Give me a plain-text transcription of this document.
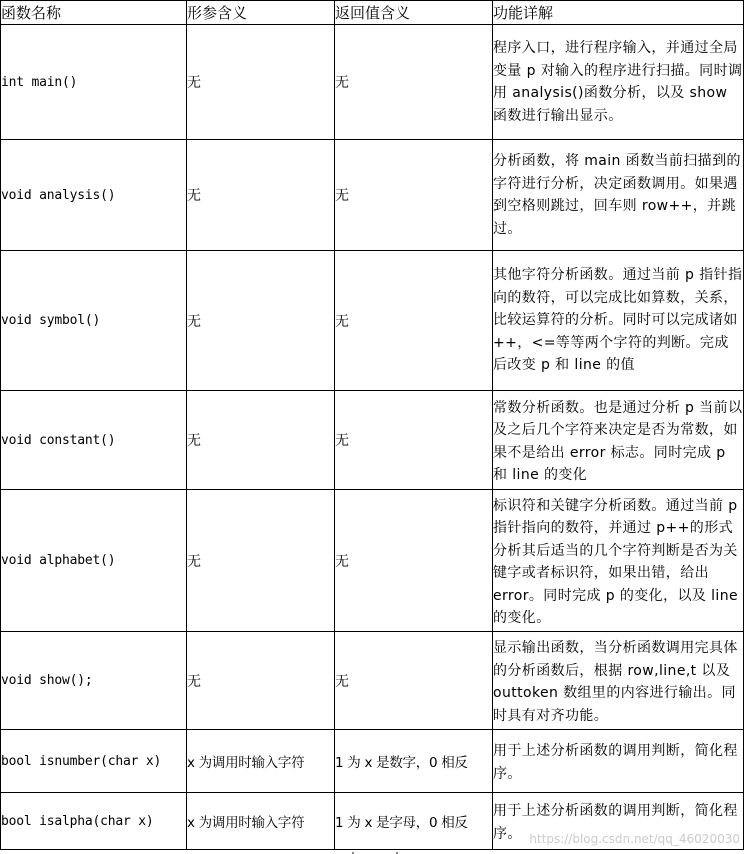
函数名称	形参含义	返回值含义	功能详解
int main()	无	无	程序入口，进行程序输入，并通过全局变量 p 对输入的程序进行扫描。同时调用 analysis()函数分析，以及 show 函数进行输出显示。
void analysis()	无	无	分析函数，将 main 函数当前扫描到的字符进行分析，决定函数调用。如果遇到空格则跳过，回车则 row++，并跳过。
void symbol()	无	无	其他字符分析函数。通过当前 p 指针指向的数符，可以完成比如算数，关系，比较运算符的分析。同时可以完成诸如++，<=等等两个字符的判断。完成后改变 p 和 line 的值
void constant()	无	无	常数分析函数。也是通过分析 p 当前以及之后几个字符来决定是否为常数，如果不是给出 error 标志。同时完成 p 和 line 的变化
void alphabet()	无	无	标识符和关键字分析函数。通过当前 p 指针指向的数符，并通过 p++的形式分析其后适当的几个字符判断是否为关键字或者标识符，如果出错，给出 error。同时完成 p 的变化，以及 line 的变化。
void show();	无	无	显示输出函数，当分析函数调用完具体的分析函数后，根据 row,line,t 以及 outtoken 数组里的内容进行输出。同时具有对齐功能。
bool isnumber(char x)	x 为调用时输入字符	1 为 x 是数字，0 相反	用于上述分析函数的调用判断，简化程序。
bool isalpha(char x)	x 为调用时输入字符	1 为 x 是字母，0 相反	用于上述分析函数的调用判断，简化程序。 https://blog.csdn.net/qq_46020030
